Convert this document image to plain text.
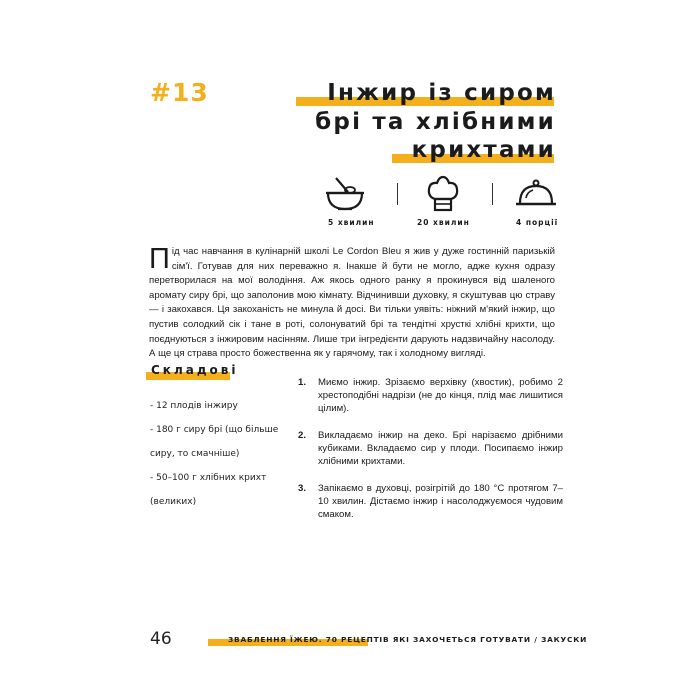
#13	Інжир із сиром
брі та хлібними
крихтами
5 хвилин	20 хвилин	4 порції
Під час навчання в кулінарній школі Le Cordon Bleu я жив у дуже гостинній паризькій сім'ї. Готував для них переважно я. Інакше й бути не могло, адже кухня одразу перетворилася на мої володіння. Аж якось одного ранку я прокинувся від шаленого аромату сиру брі, що заполонив мою кімнату. Відчинивши духовку, я скуштував цю страву — і закохався. Ця закоханість не минула й досі. Ви тільки уявіть: ніжний м'який інжир, що пустив солодкий сік і тане в роті, солонуватий брі та тендітні хрусткі хлібні крихти, що поєднуються з інжировим насінням. Лише три інгредієнти дарують надзвичайну насолоду. А ще ця страва просто божественна як у гарячому, так і холодному вигляді.
Складові
- 12 плодів інжиру
- 180 г сиру брі (що більше
сиру, то смачніше)
- 50–100 г хлібних крихт
(великих)
1. Миємо інжир. Зрізаємо верхівку (хвостик), робимо 2 хрестоподібні надрізи (не до кінця, плід має лишитися цілим).
2. Викладаємо інжир на деко. Брі нарізаємо дрібними кубиками. Вкладаємо сир у плоди. Посипаємо інжир хлібними крихтами.
3. Запікаємо в духовці, розігрітій до 180 °С протягом 7–10 хвилин. Дістаємо інжир і насолоджуємося чудовим смаком.
46	ЗВАБЛЕННЯ ЇЖЕЮ. 70 РЕЦЕПТІВ ЯКІ ЗАХОЧЕТЬСЯ ГОТУВАТИ / ЗАКУСКИ
